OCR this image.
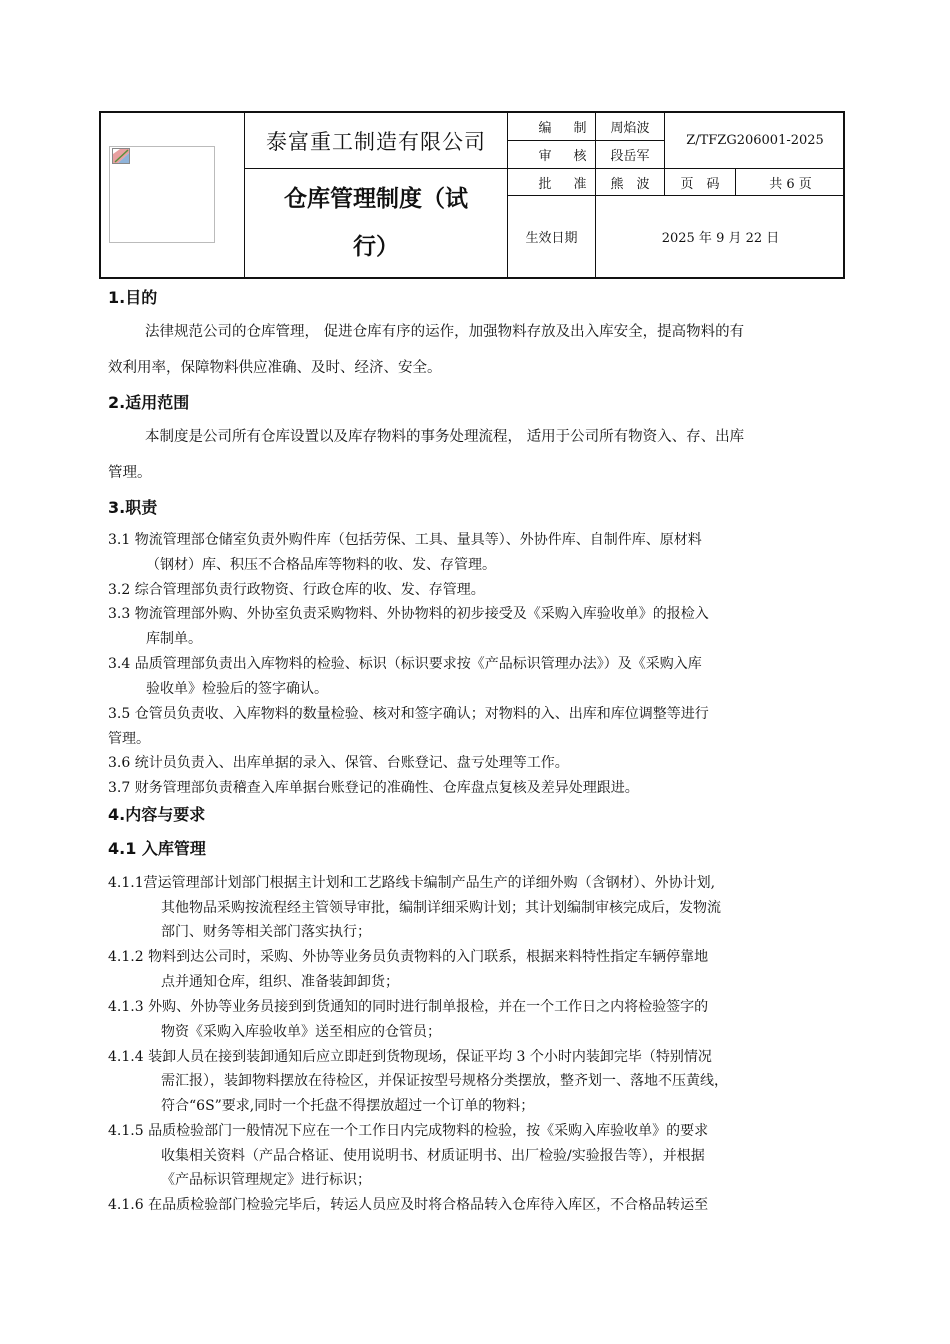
泰富重工制造有限公司
仓库管理制度（试
行）
编制 周焰波
审核 段岳军
批准 熊　波
Z/TFZG206001-2025
页　码	共 6 页
生效日期	2025 年 9 月 22 日
1.目的
法律规范公司的仓库管理， 促进仓库有序的运作，加强物料存放及出入库安全，提高物料的有
效利用率，保障物料供应准确、及时、经济、安全。
2.适用范围
本制度是公司所有仓库设置以及库存物料的事务处理流程， 适用于公司所有物资入、存、出库
管理。
3.职责
3.1 物流管理部仓储室负责外购件库（包括劳保、工具、量具等）、外协件库、自制件库、原材料
（钢材）库、积压不合格品库等物料的收、发、存管理。
3.2 综合管理部负责行政物资、行政仓库的收、发、存管理。
3.3 物流管理部外购、外协室负责采购物料、外协物料的初步接受及《采购入库验收单》的报检入
库制单。
3.4 品质管理部负责出入库物料的检验、标识（标识要求按《产品标识管理办法》）及《采购入库
验收单》检验后的签字确认。
3.5 仓管员负责收、入库物料的数量检验、核对和签字确认；对物料的入、出库和库位调整等进行
管理。
3.6 统计员负责入、出库单据的录入、保管、台账登记、盘亏处理等工作。
3.7 财务管理部负责稽查入库单据台账登记的准确性、仓库盘点复核及差异处理跟进。
4.内容与要求
4.1 入库管理
4.1.1营运管理部计划部门根据主计划和工艺路线卡编制产品生产的详细外购（含钢材）、外协计划,
其他物品采购按流程经主管领导审批，编制详细采购计划；其计划编制审核完成后，发物流
部门、财务等相关部门落实执行；
4.1.2 物料到达公司时，采购、外协等业务员负责物料的入门联系，根据来料特性指定车辆停靠地
点并通知仓库，组织、准备装卸卸货；
4.1.3 外购、外协等业务员接到到货通知的同时进行制单报检，并在一个工作日之内将检验签字的
物资《采购入库验收单》送至相应的仓管员；
4.1.4 装卸人员在接到装卸通知后应立即赶到货物现场，保证平均 3 个小时内装卸完毕（特别情况
需汇报），装卸物料摆放在待检区，并保证按型号规格分类摆放，整齐划一、落地不压黄线，
符合“6S”要求,同时一个托盘不得摆放超过一个订单的物料；
4.1.5 品质检验部门一般情况下应在一个工作日内完成物料的检验，按《采购入库验收单》的要求
收集相关资料（产品合格证、使用说明书、材质证明书、出厂检验/实验报告等），并根据
《产品标识管理规定》进行标识；
4.1.6 在品质检验部门检验完毕后，转运人员应及时将合格品转入仓库待入库区，不合格品转运至
